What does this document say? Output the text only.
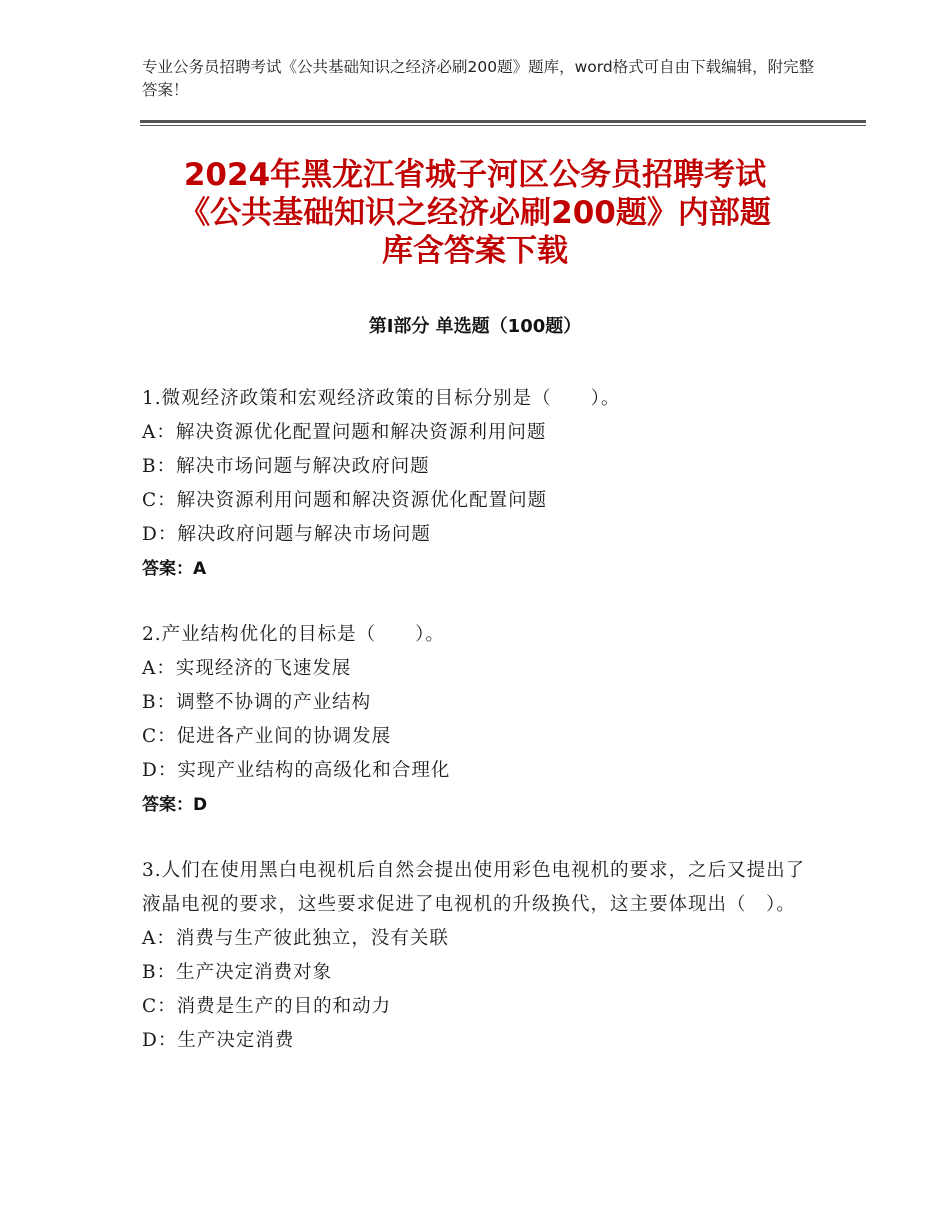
专业公务员招聘考试《公共基础知识之经济必刷200题》题库，word格式可自由下载编辑，附完整答案！
2024年黑龙江省城子河区公务员招聘考试
《公共基础知识之经济必刷200题》内部题
库含答案下载
第I部分 单选题（100题）
1.微观经济政策和宏观经济政策的目标分别是（　　）。
A：解决资源优化配置问题和解决资源利用问题
B：解决市场问题与解决政府问题
C：解决资源利用问题和解决资源优化配置问题
D：解决政府问题与解决市场问题
答案：A
2.产业结构优化的目标是（　　）。
A：实现经济的飞速发展
B：调整不协调的产业结构
C：促进各产业间的协调发展
D：实现产业结构的高级化和合理化
答案：D
3.人们在使用黑白电视机后自然会提出使用彩色电视机的要求，之后又提出了液晶电视的要求，这些要求促进了电视机的升级换代，这主要体现出（　）。
A：消费与生产彼此独立，没有关联
B：生产决定消费对象
C：消费是生产的目的和动力
D：生产决定消费
